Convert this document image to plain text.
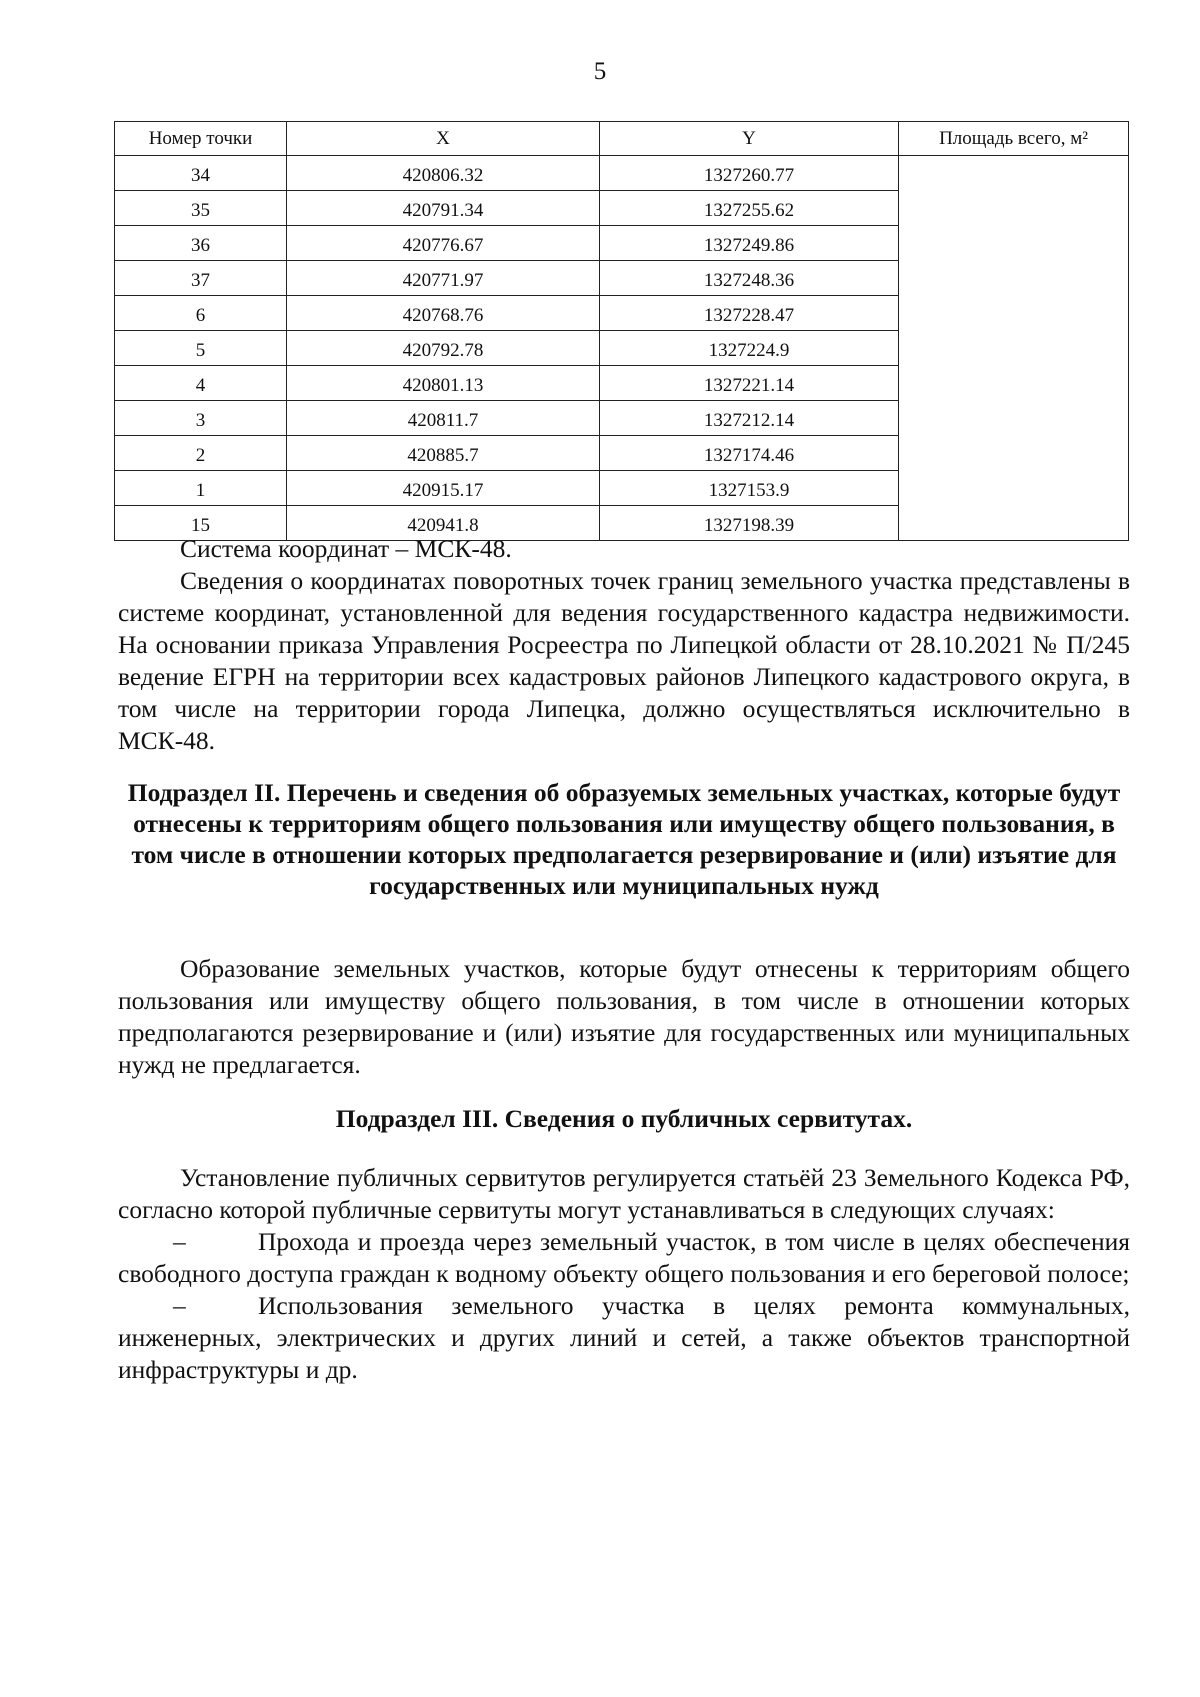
5
Номер точки	X	Y	Площадь всего, м²
34	420806.32	1327260.77	
35	420791.34	1327255.62	
36	420776.67	1327249.86	
37	420771.97	1327248.36	
6	420768.76	1327228.47	
5	420792.78	1327224.9	
4	420801.13	1327221.14	
3	420811.7	1327212.14	
2	420885.7	1327174.46	
1	420915.17	1327153.9	
15	420941.8	1327198.39	

Система координат – МСК-48.

Сведения о координатах поворотных точек границ земельного участка представлены в системе координат, установленной для ведения государственного кадастра недвижимости. На основании приказа Управления Росреестра по Липецкой области от 28.10.2021 № П/245 ведение ЕГРН на территории всех кадастровых районов Липецкого кадастрового округа, в том числе на территории города Липецка, должно осуществляться исключительно в МСК-48.

Подраздел II. Перечень и сведения об образуемых земельных участках, которые будут отнесены к территориям общего пользования или имуществу общего пользования, в том числе в отношении которых предполагается резервирование и (или) изъятие для государственных или муниципальных нужд

Образование земельных участков, которые будут отнесены к территориям общего пользования или имуществу общего пользования, в том числе в отношении которых предполагаются резервирование и (или) изъятие для государственных или муниципальных нужд не предлагается.

Подраздел III. Сведения о публичных сервитутах.

Установление публичных сервитутов регулируется статьёй 23 Земельного Кодекса РФ, согласно которой публичные сервитуты могут устанавливаться в следующих случаях:

–	Прохода и проезда через земельный участок, в том числе в целях обеспечения свободного доступа граждан к водному объекту общего пользования и его береговой полосе;

–	Использования земельного участка в целях ремонта коммунальных, инженерных, электрических и других линий и сетей, а также объектов транспортной инфраструктуры и др.
